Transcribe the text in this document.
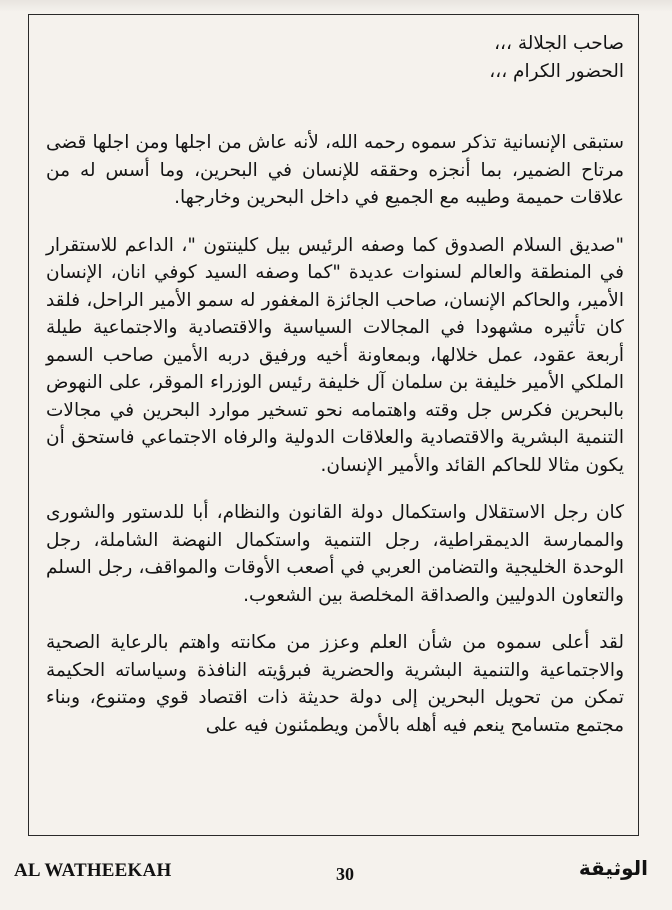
صاحب الجلالة ،،،

الحضور الكرام ،،،

ستبقى الإنسانية تذكر سموه رحمه الله، لأنه عاش من اجلها ومن اجلها قضى مرتاح الضمير، بما أنجزه وحققه للإنسان في البحرين، وما أسس له من علاقات حميمة وطيبه مع الجميع في داخل البحرين وخارجها.

"صديق السلام الصدوق كما وصفه الرئيس بيل كلينتون "، الداعم للاستقرار في المنطقة والعالم لسنوات عديدة "كما وصفه السيد كوفي انان، الإنسان الأمير، والحاكم الإنسان، صاحب الجائزة المغفور له سمو الأمير الراحل، فلقد كان تأثيره مشهودا في المجالات السياسية والاقتصادية والاجتماعية طيلة أربعة عقود، عمل خلالها، وبمعاونة أخيه ورفيق دربه الأمين صاحب السمو الملكي الأمير خليفة بن سلمان آل خليفة رئيس الوزراء الموقر، على النهوض بالبحرين فكرس جل وقته واهتمامه نحو تسخير موارد البحرين في مجالات التنمية البشرية والاقتصادية والعلاقات الدولية والرفاه الاجتماعي فاستحق أن يكون مثالا للحاكم القائد والأمير الإنسان.

كان رجل الاستقلال واستكمال دولة القانون والنظام، أبا للدستور والشورى والممارسة الديمقراطية، رجل التنمية واستكمال النهضة الشاملة، رجل الوحدة الخليجية والتضامن العربي في أصعب الأوقات والمواقف، رجل السلم والتعاون الدوليين والصداقة المخلصة بين الشعوب.

لقد أعلى سموه من شأن العلم وعزز من مكانته واهتم بالرعاية الصحية والاجتماعية والتنمية البشرية والحضرية فبرؤيته النافذة وسياساته الحكيمة تمكن من تحويل البحرين إلى دولة حديثة ذات اقتصاد قوي ومتنوع، وبناء مجتمع متسامح ينعم فيه أهله بالأمن ويطمئنون فيه على

AL WATHEEKAH	30	الوثيقة
